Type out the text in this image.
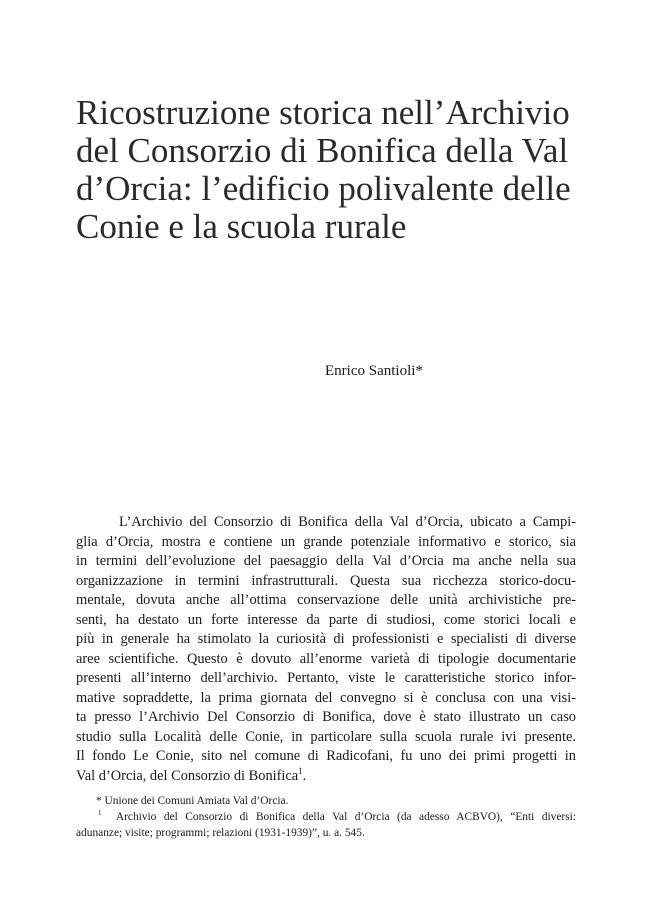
Ricostruzione storica nell’Archivio
del Consorzio di Bonifica della Val
d’Orcia: l’edificio polivalente delle
Conie e la scuola rurale
Enrico Santioli*
L’Archivio del Consorzio di Bonifica della Val d’Orcia, ubicato a Campi-
glia d’Orcia, mostra e contiene un grande potenziale informativo e storico, sia
in termini dell’evoluzione del paesaggio della Val d’Orcia ma anche nella sua
organizzazione in termini infrastrutturali. Questa sua ricchezza storico-docu-
mentale, dovuta anche all’ottima conservazione delle unità archivistiche pre-
senti, ha destato un forte interesse da parte di studiosi, come storici locali e
più in generale ha stimolato la curiosità di professionisti e specialisti di diverse
aree scientifiche. Questo è dovuto all’enorme varietà di tipologie documentarie
presenti all’interno dell’archivio. Pertanto, viste le caratteristiche storico infor-
mative sopraddette, la prima giornata del convegno si è conclusa con una visi-
ta presso l’Archivio Del Consorzio di Bonifica, dove è stato illustrato un caso
studio sulla Località delle Conie, in particolare sulla scuola rurale ivi presente.
Il fondo Le Conie, sito nel comune di Radicofani, fu uno dei primi progetti in
Val d’Orcia, del Consorzio di Bonifica$^1$.
* Unione dei Comuni Amiata Val d’Orcia.
$^1$ Archivio del Consorzio di Bonifica della Val d’Orcia (da adesso ACBVO), “Enti diversi:
adunanze; visite; programmi; relazioni (1931-1939)”, u. a. 545.
